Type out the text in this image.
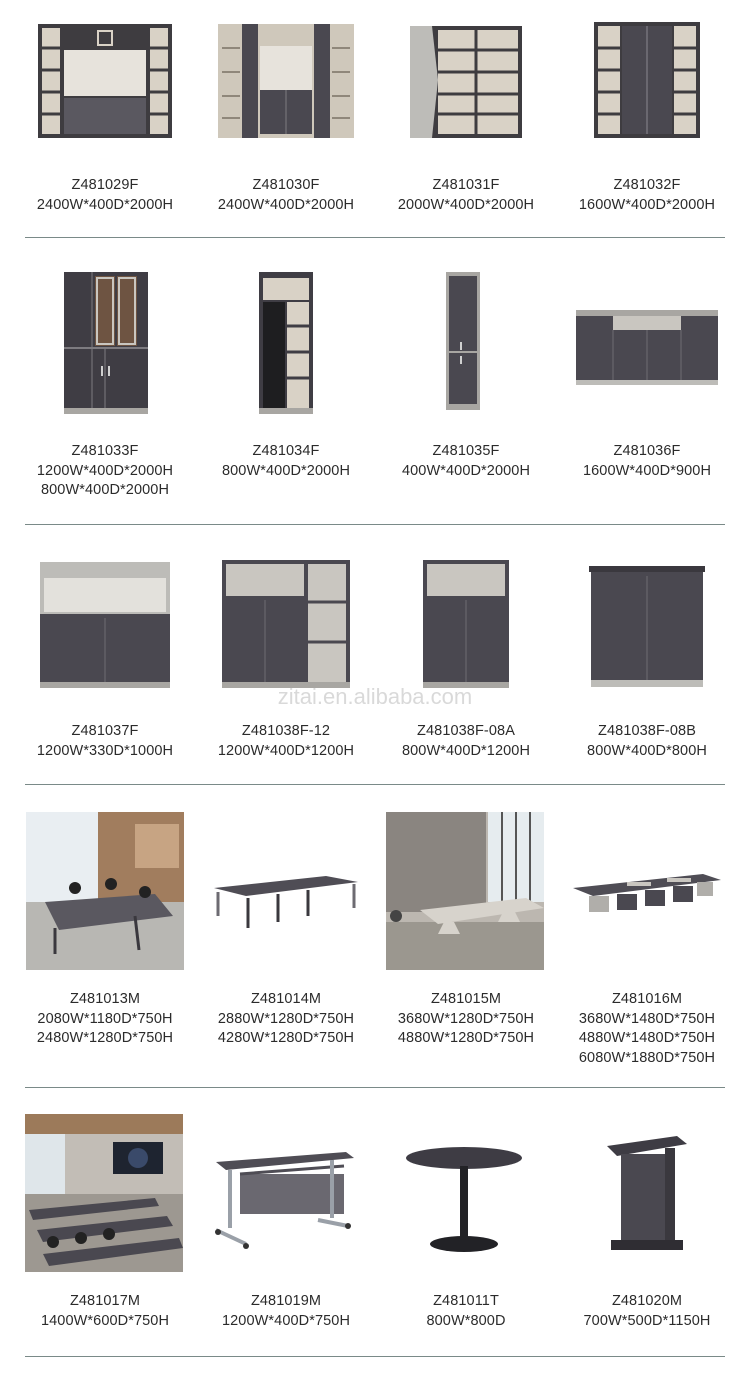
Z481029F
2400W*400D*2000H
Z481030F
2400W*400D*2000H
Z481031F
2000W*400D*2000H
Z481032F
1600W*400D*2000H
Z481033F
1200W*400D*2000H
800W*400D*2000H
Z481034F
800W*400D*2000H
Z481035F
400W*400D*2000H
Z481036F
1600W*400D*900H
Z481037F
1200W*330D*1000H
Z481038F-12
1200W*400D*1200H
Z481038F-08A
800W*400D*1200H
Z481038F-08B
800W*400D*800H
zitai.en.alibaba.com
Z481013M
2080W*1180D*750H
2480W*1280D*750H
Z481014M
2880W*1280D*750H
4280W*1280D*750H
Z481015M
3680W*1280D*750H
4880W*1280D*750H
Z481016M
3680W*1480D*750H
4880W*1480D*750H
6080W*1880D*750H
Z481017M
1400W*600D*750H
Z481019M
1200W*400D*750H
Z481011T
800W*800D
Z481020M
700W*500D*1150H
